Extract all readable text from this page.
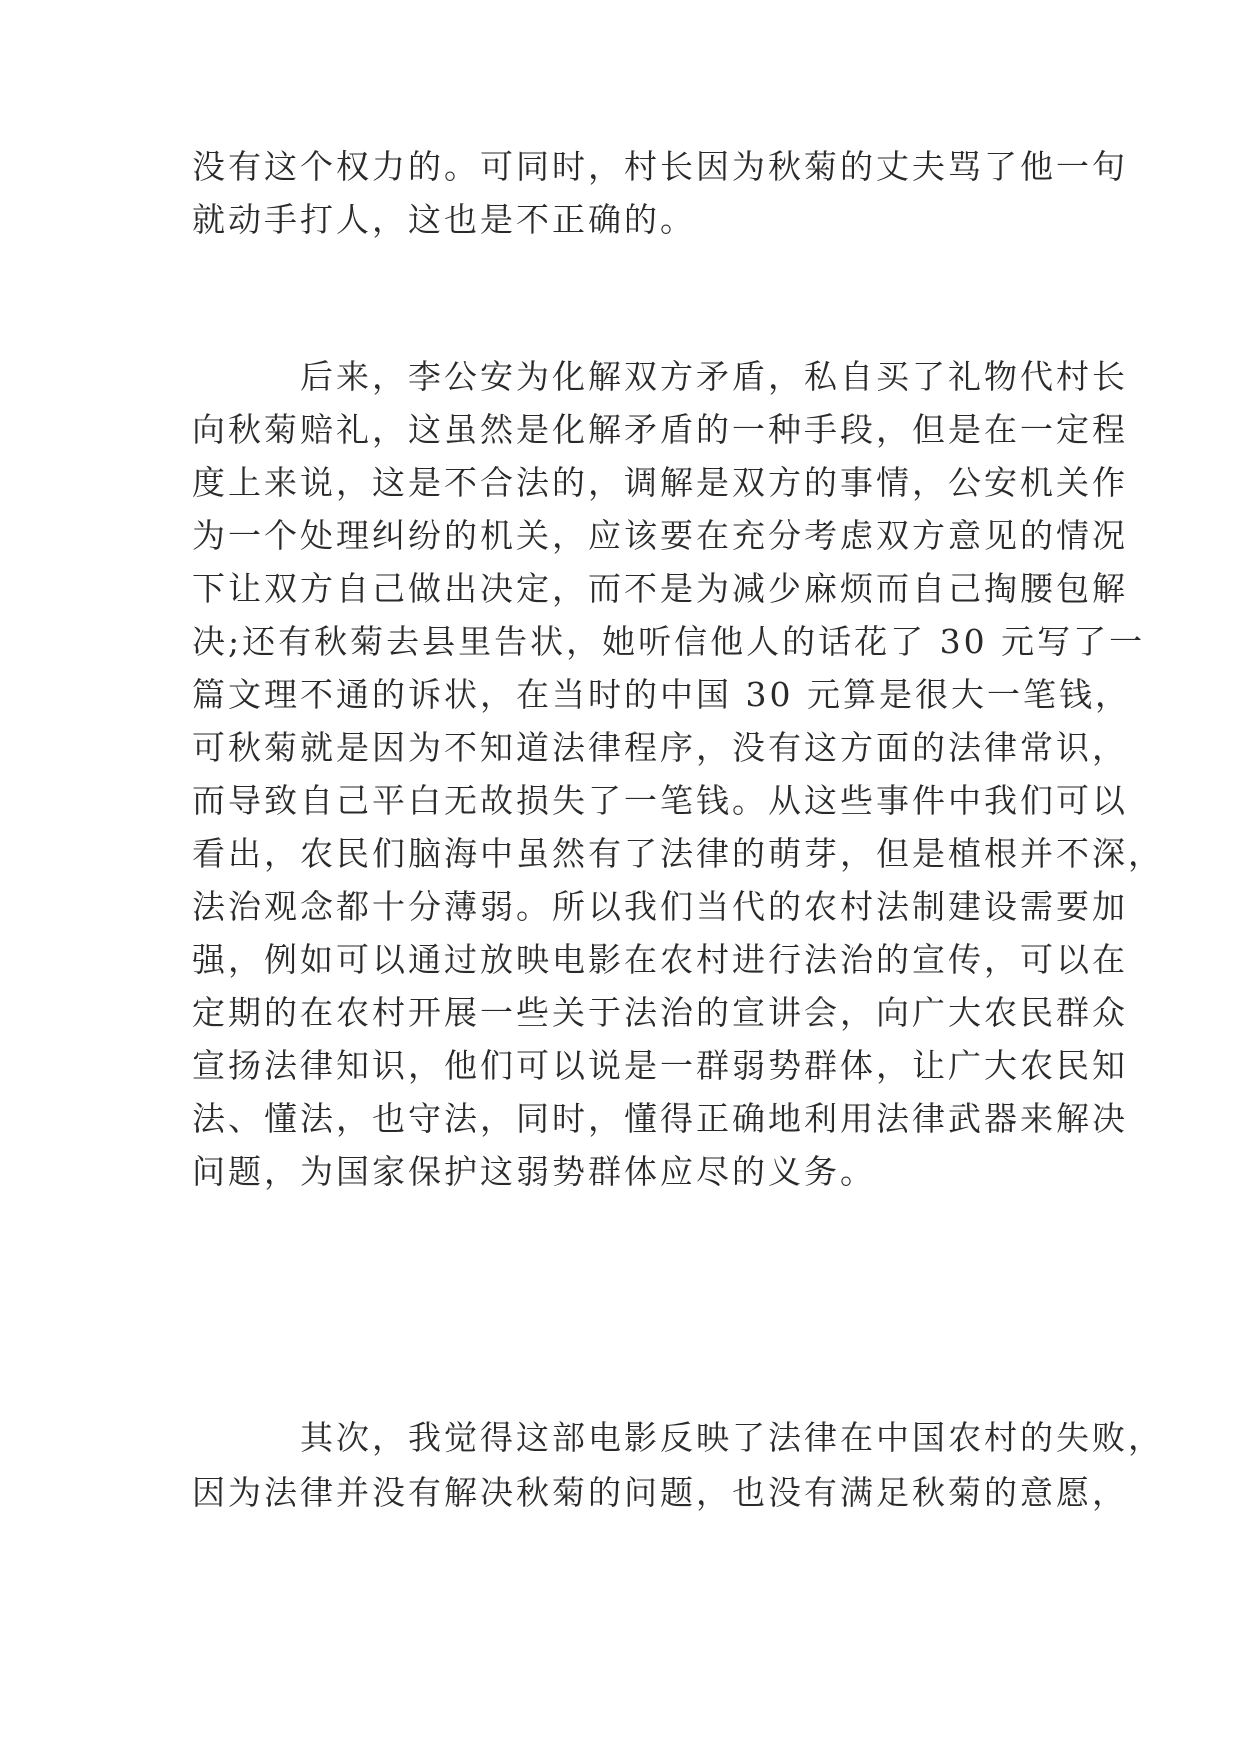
没有这个权力的。可同时，村长因为秋菊的丈夫骂了他一句
就动手打人，这也是不正确的。
后来，李公安为化解双方矛盾，私自买了礼物代村长
向秋菊赔礼，这虽然是化解矛盾的一种手段，但是在一定程
度上来说，这是不合法的，调解是双方的事情，公安机关作
为一个处理纠纷的机关，应该要在充分考虑双方意见的情况
下让双方自己做出决定，而不是为减少麻烦而自己掏腰包解
决;还有秋菊去县里告状，她听信他人的话花了 30 元写了一
篇文理不通的诉状，在当时的中国 30 元算是很大一笔钱，
可秋菊就是因为不知道法律程序，没有这方面的法律常识，
而导致自己平白无故损失了一笔钱。从这些事件中我们可以
看出，农民们脑海中虽然有了法律的萌芽，但是植根并不深，
法治观念都十分薄弱。所以我们当代的农村法制建设需要加
强，例如可以通过放映电影在农村进行法治的宣传，可以在
定期的在农村开展一些关于法治的宣讲会，向广大农民群众
宣扬法律知识，他们可以说是一群弱势群体，让广大农民知
法、懂法，也守法，同时，懂得正确地利用法律武器来解决
问题，为国家保护这弱势群体应尽的义务。
其次，我觉得这部电影反映了法律在中国农村的失败，
因为法律并没有解决秋菊的问题，也没有满足秋菊的意愿，
